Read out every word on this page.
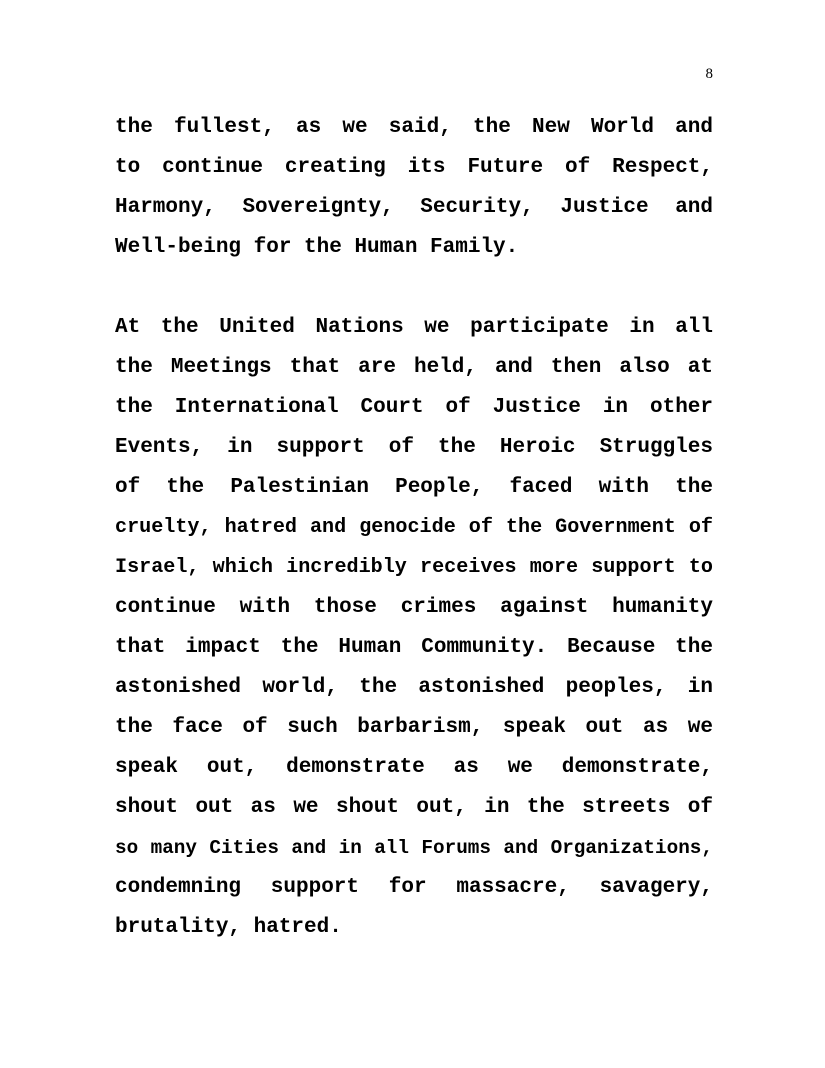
8
the fullest, as we said, the New World and
to continue creating its Future of Respect,
Harmony, Sovereignty, Security, Justice and
Well-being for the Human Family.
At the United Nations we participate in all
the Meetings that are held, and then also at
the International Court of Justice in other
Events, in support of the Heroic Struggles
of the Palestinian People, faced with the
cruelty, hatred and genocide of the Government of
Israel, which incredibly receives more support to
continue with those crimes against humanity
that impact the Human Community. Because the
astonished world, the astonished peoples, in
the face of such barbarism, speak out as we
speak out, demonstrate as we demonstrate,
shout out as we shout out, in the streets of
so many Cities and in all Forums and Organizations,
condemning support for massacre, savagery,
brutality, hatred.
